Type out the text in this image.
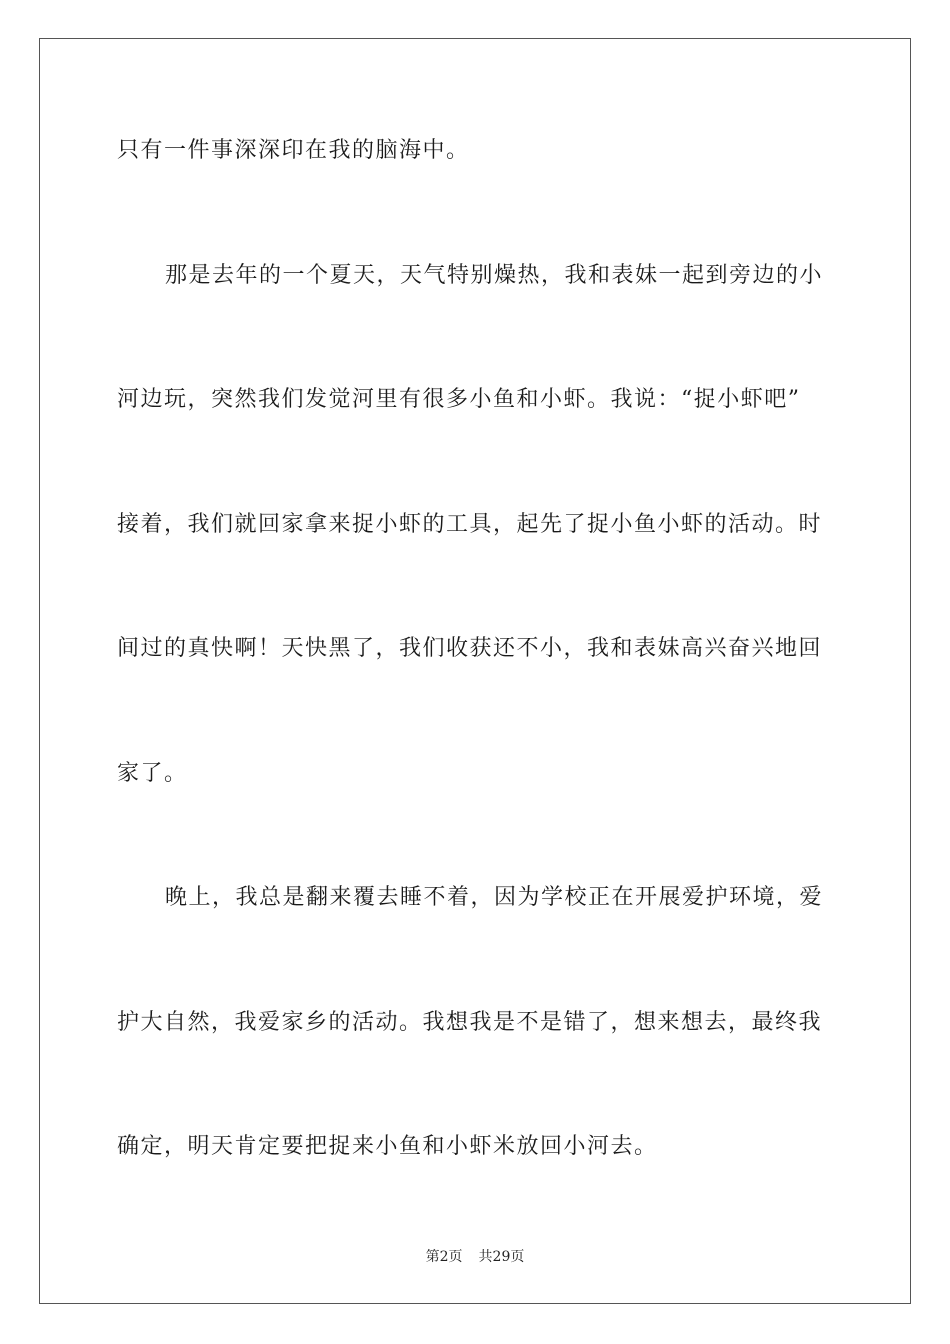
只有一件事深深印在我的脑海中。
那是去年的一个夏天，天气特别燥热，我和表妹一起到旁边的小
河边玩，突然我们发觉河里有很多小鱼和小虾。我说：“捉小虾吧”
接着，我们就回家拿来捉小虾的工具，起先了捉小鱼小虾的活动。时
间过的真快啊！天快黑了，我们收获还不小，我和表妹高兴奋兴地回
家了。
晚上，我总是翻来覆去睡不着，因为学校正在开展爱护环境，爱
护大自然，我爱家乡的活动。我想我是不是错了，想来想去，最终我
确定，明天肯定要把捉来小鱼和小虾米放回小河去。
第2页 共29页
